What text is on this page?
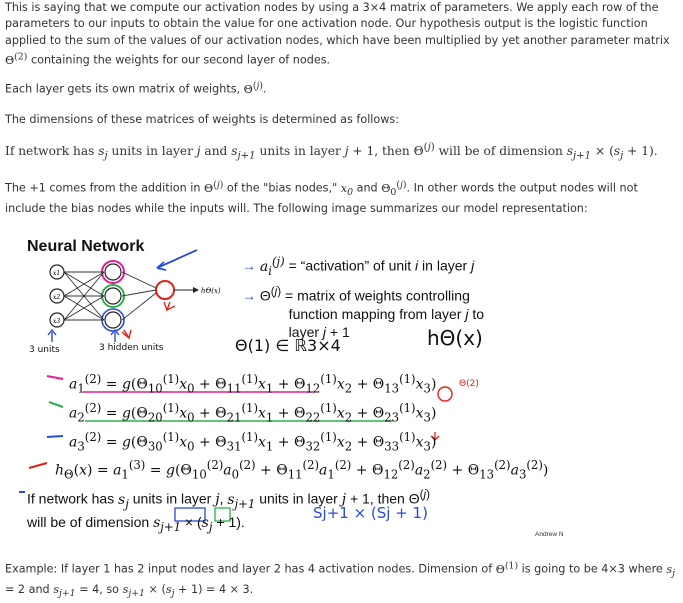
This is saying that we compute our activation nodes by using a 3×4 matrix of parameters. We apply each row of the parameters to our inputs to obtain the value for one activation node. Our hypothesis output is the logistic function applied to the sum of the values of our activation nodes, which have been multiplied by yet another parameter matrix $\Theta^{(2)}$ containing the weights for our second layer of nodes.

Each layer gets its own matrix of weights, $\Theta^{(j)}$.

The dimensions of these matrices of weights is determined as follows:

If network has $s_j$ units in layer j and $s_{j+1}$ units in layer j + 1, then $\Theta^{(j)}$ will be of dimension $s_{j+1} \times (s_j + 1)$.

The +1 comes from the addition in $\Theta^{(j)}$ of the "bias nodes," $x_0$ and $\Theta_0^{(j)}$. In other words the output nodes will not include the bias nodes while the inputs will. The following image summarizes our model representation:

x1
x2
x3
hΘ(x)
Θ(2)
Sj+1 × (Sj + 1)
Neural Network
→ $a_i^{(j)}$ = “activation” of unit i in layer j
→ $\Theta^{(j)}$ = matrix of weights controlling
function mapping from layer j to
layer j + 1
$a_1^{(2)} = g(\Theta_{10}^{(1)}x_0 + \Theta_{11}^{(1)}x_1 + \Theta_{12}^{(1)}x_2 + \Theta_{13}^{(1)}x_3)$
$a_2^{(2)} = g(\Theta_{20}^{(1)}x_0 + \Theta_{21}^{(1)}x_1 + \Theta_{22}^{(1)}x_2 + \Theta_{23}^{(1)}x_3)$
$a_3^{(2)} = g(\Theta_{30}^{(1)}x_0 + \Theta_{31}^{(1)}x_1 + \Theta_{32}^{(1)}x_2 + \Theta_{33}^{(1)}x_3)$
$h_\Theta(x) = a_1^{(3)} = g(\Theta_{10}^{(2)}a_0^{(2)} + \Theta_{11}^{(2)}a_1^{(2)} + \Theta_{12}^{(2)}a_2^{(2)} + \Theta_{13}^{(2)}a_3^{(2)})$
If network has $s_j$ units in layer j, $s_{j+1}$ units in layer j + 1, then $\Theta^{(j)}$
will be of dimension $s_{j+1} \times (s_j + 1)$.
3 units	3 hidden units	Θ(1) ∈ ℝ3×4	hΘ(x)
Andrew N

Example: If layer 1 has 2 input nodes and layer 2 has 4 activation nodes. Dimension of $\Theta^{(1)}$ is going to be 4×3 where $s_j = 2$ and $s_{j+1} = 4$, so $s_{j+1} \times (s_j + 1) = 4 \times 3$.
